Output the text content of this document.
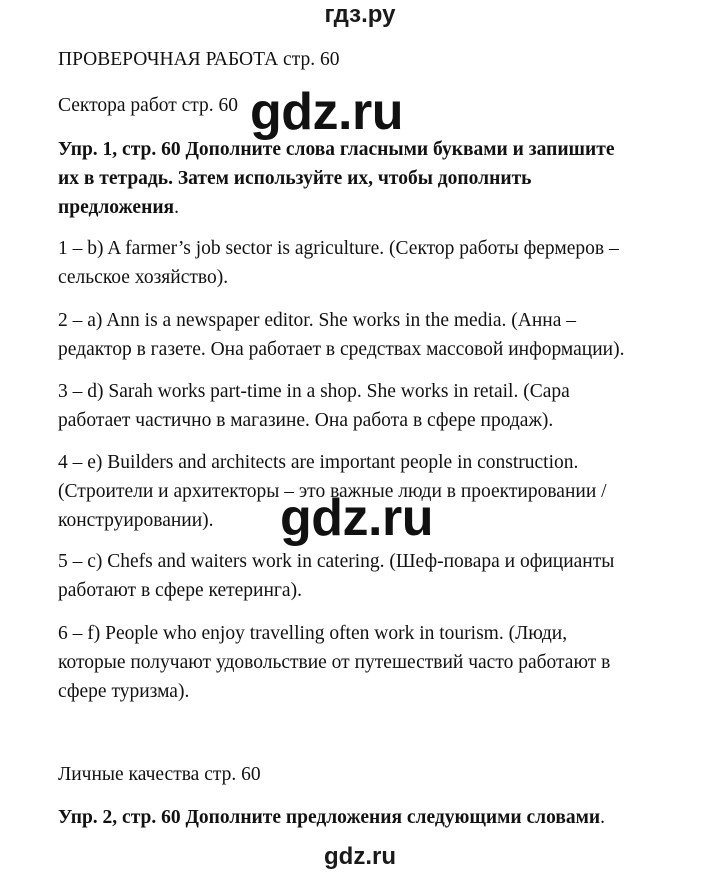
гдз.ру
ПРОВЕРОЧНАЯ РАБОТА стр. 60
Сектора работ стр. 60
Упр. 1, стр. 60 Дополните слова гласными буквами и запишите
их в тетрадь. Затем используйте их, чтобы дополнить
предложения.
1 – b) A farmer’s job sector is agriculture. (Сектор работы фермеров –
сельское хозяйство).
2 – a) Ann is a newspaper editor. She works in the media. (Анна –
редактор в газете. Она работает в средствах массовой информации).
3 – d) Sarah works part-time in a shop. She works in retail. (Сара
работает частично в магазине. Она работа в сфере продаж).
4 – e) Builders and architects are important people in construction.
(Строители и архитекторы – это важные люди в проектировании /
конструировании).
5 – c) Chefs and waiters work in catering. (Шеф-повара и официанты
работают в сфере кетеринга).
6 – f) People who enjoy travelling often work in tourism. (Люди,
которые получают удовольствие от путешествий часто работают в
сфере туризма).
Личные качества стр. 60
Упр. 2, стр. 60 Дополните предложения следующими словами.
gdz.ru
gdz.ru
gdz.ru
